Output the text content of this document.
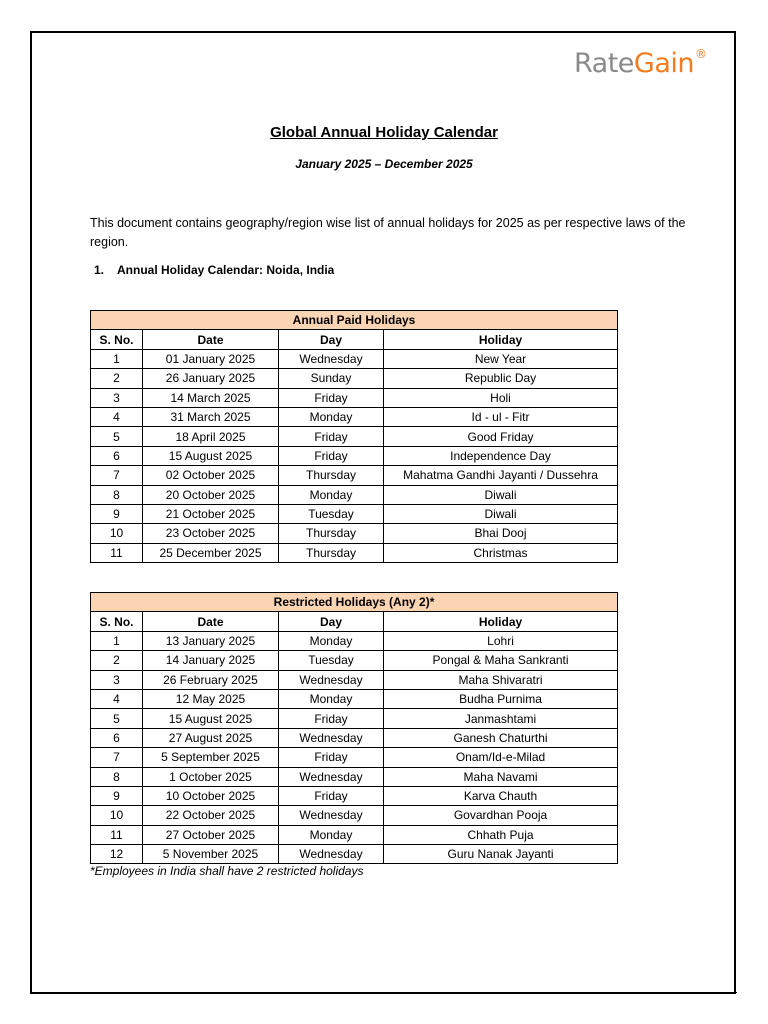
RateGain®
Global Annual Holiday Calendar
January 2025 – December 2025
This document contains geography/region wise list of annual holidays for 2025 as per respective laws of the region.
1. Annual Holiday Calendar: Noida, India
Annual Paid Holidays			
S. No.	Date	Day	Holiday
1	01 January 2025	Wednesday	New Year
2	26 January 2025	Sunday	Republic Day
3	14 March 2025	Friday	Holi
4	31 March 2025	Monday	Id - ul - Fitr
5	18 April 2025	Friday	Good Friday
6	15 August 2025	Friday	Independence Day
7	02 October 2025	Thursday	Mahatma Gandhi Jayanti / Dussehra
8	20 October 2025	Monday	Diwali
9	21 October 2025	Tuesday	Diwali
10	23 October 2025	Thursday	Bhai Dooj
11	25 December 2025	Thursday	Christmas
Restricted Holidays (Any 2)*			
S. No.	Date	Day	Holiday
1	13 January 2025	Monday	Lohri
2	14 January 2025	Tuesday	Pongal & Maha Sankranti
3	26 February 2025	Wednesday	Maha Shivaratri
4	12 May 2025	Monday	Budha Purnima
5	15 August 2025	Friday	Janmashtami
6	27 August 2025	Wednesday	Ganesh Chaturthi
7	5 September 2025	Friday	Onam/Id-e-Milad
8	1 October 2025	Wednesday	Maha Navami
9	10 October 2025	Friday	Karva Chauth
10	22 October 2025	Wednesday	Govardhan Pooja
11	27 October 2025	Monday	Chhath Puja
12	5 November 2025	Wednesday	Guru Nanak Jayanti
*Employees in India shall have 2 restricted holidays
